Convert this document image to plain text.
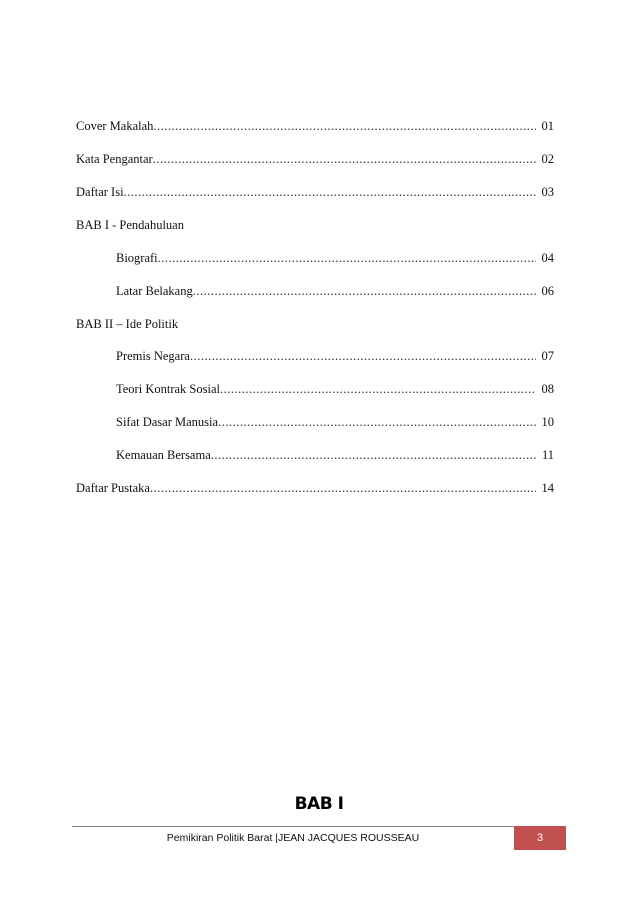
Cover Makalah .....	01
Kata Pengantar .....	02
Daftar Isi .....	03
BAB I - Pendahuluan
Biografi .....	04
Latar Belakang .....	06
BAB II – Ide Politik
Premis Negara .....	07
Teori Kontrak Sosial .....	08
Sifat Dasar Manusia .....	10
Kemauan Bersama .....	11
Daftar Pustaka .....	14
BAB I
Pemikiran Politik Barat |JEAN JACQUES ROUSSEAU	3
